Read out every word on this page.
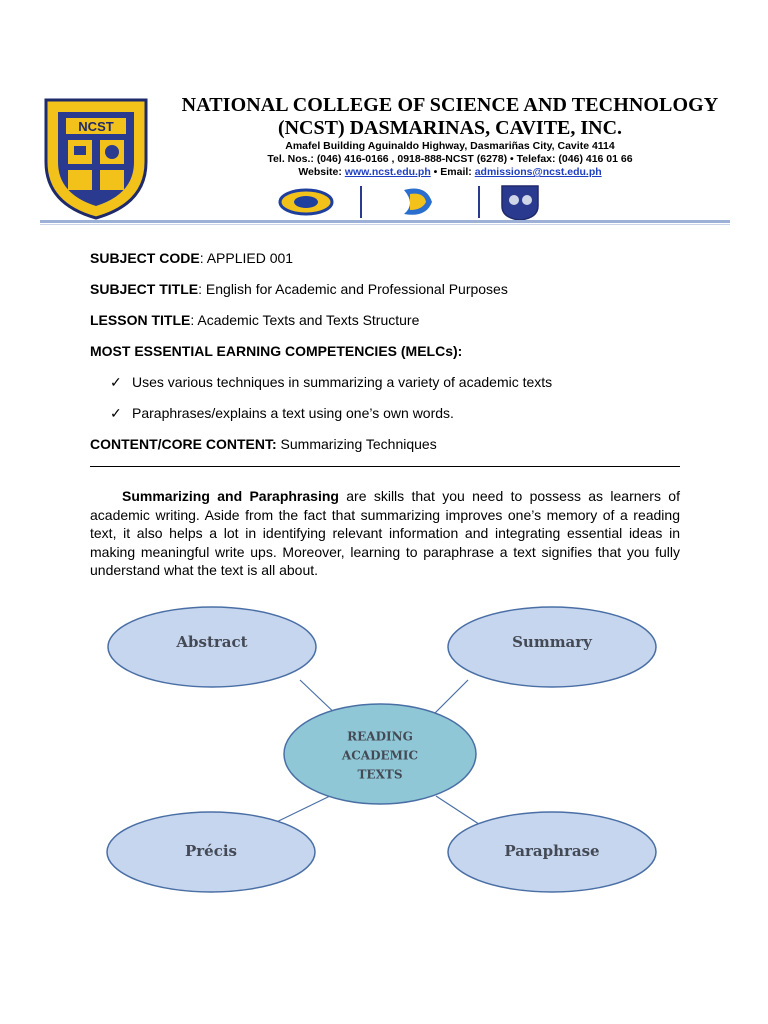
NCST
NATIONAL COLLEGE OF SCIENCE AND TECHNOLOGY
(NCST) DASMARINAS, CAVITE, INC.
Amafel Building Aguinaldo Highway, Dasmariñas City, Cavite 4114
Tel. Nos.: (046) 416-0166 , 0918-888-NCST (6278) • Telefax: (046) 416 01 66
Website: www.ncst.edu.ph • Email: admissions@ncst.edu.ph
SUBJECT CODE: APPLIED 001
SUBJECT TITLE: English for Academic and Professional Purposes
LESSON TITLE: Academic Texts and Texts Structure
MOST ESSENTIAL EARNING COMPETENCIES (MELCs):
✓ Uses various techniques in summarizing a variety of academic texts
✓ Paraphrases/explains a text using one’s own words.
CONTENT/CORE CONTENT: Summarizing Techniques
Summarizing and Paraphrasing are skills that you need to possess as learners of academic writing. Aside from the fact that summarizing improves one’s memory of a reading text, it also helps a lot in identifying relevant information and integrating essential ideas in making meaningful write ups. Moreover, learning to paraphrase a text signifies that you fully understand what the text is all about.
Abstract	Summary
Précis	Paraphrase
READING
ACADEMIC
TEXTS
